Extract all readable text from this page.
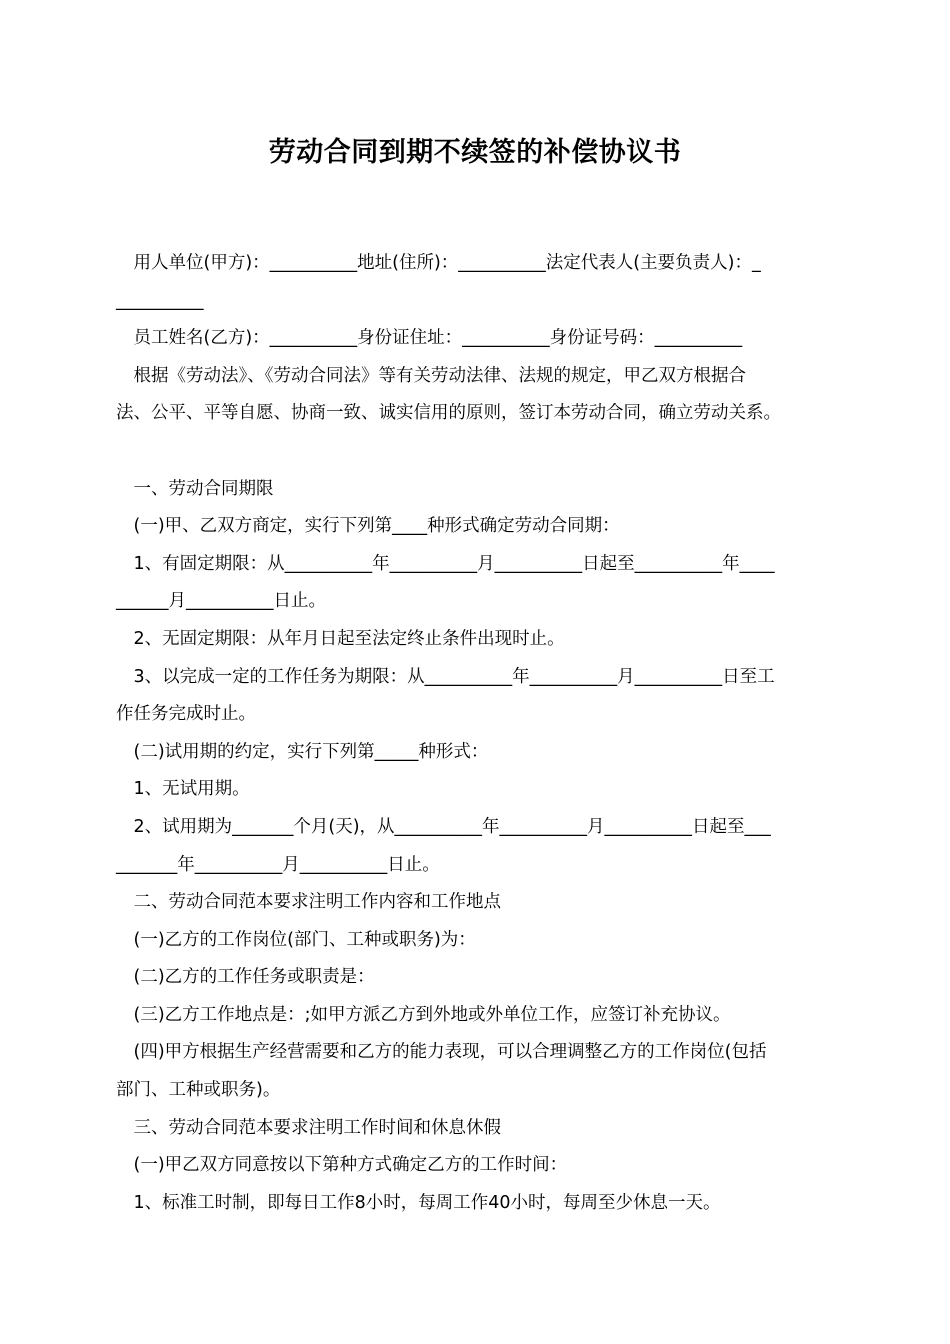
劳动合同到期不续签的补偿协议书

　用人单位(甲方)：__________地址(住所)：__________法定代表人(主要负责人)：_

__________

　员工姓名(乙方)：__________身份证住址：__________身份证号码：__________

　根据《劳动法》、《劳动合同法》等有关劳动法律、法规的规定，甲乙双方根据合

法、公平、平等自愿、协商一致、诚实信用的原则，签订本劳动合同，确立劳动关系。

　一、劳动合同期限

　(一)甲、乙双方商定，实行下列第____种形式确定劳动合同期：

　1、有固定期限：从__________年__________月__________日起至__________年____

______月__________日止。

　2、无固定期限：从年月日起至法定终止条件出现时止。

　3、以完成一定的工作任务为期限：从__________年__________月__________日至工

作任务完成时止。

　(二)试用期的约定，实行下列第_____种形式：

　1、无试用期。

　2、试用期为_______个月(天)，从__________年__________月__________日起至___

_______年__________月__________日止。

　二、劳动合同范本要求注明工作内容和工作地点

　(一)乙方的工作岗位(部门、工种或职务)为：

　(二)乙方的工作任务或职责是：

　(三)乙方工作地点是：;如甲方派乙方到外地或外单位工作，应签订补充协议。

　(四)甲方根据生产经营需要和乙方的能力表现，可以合理调整乙方的工作岗位(包括

部门、工种或职务)。

　三、劳动合同范本要求注明工作时间和休息休假

　(一)甲乙双方同意按以下第种方式确定乙方的工作时间：

　1、标准工时制，即每日工作8小时，每周工作40小时，每周至少休息一天。
